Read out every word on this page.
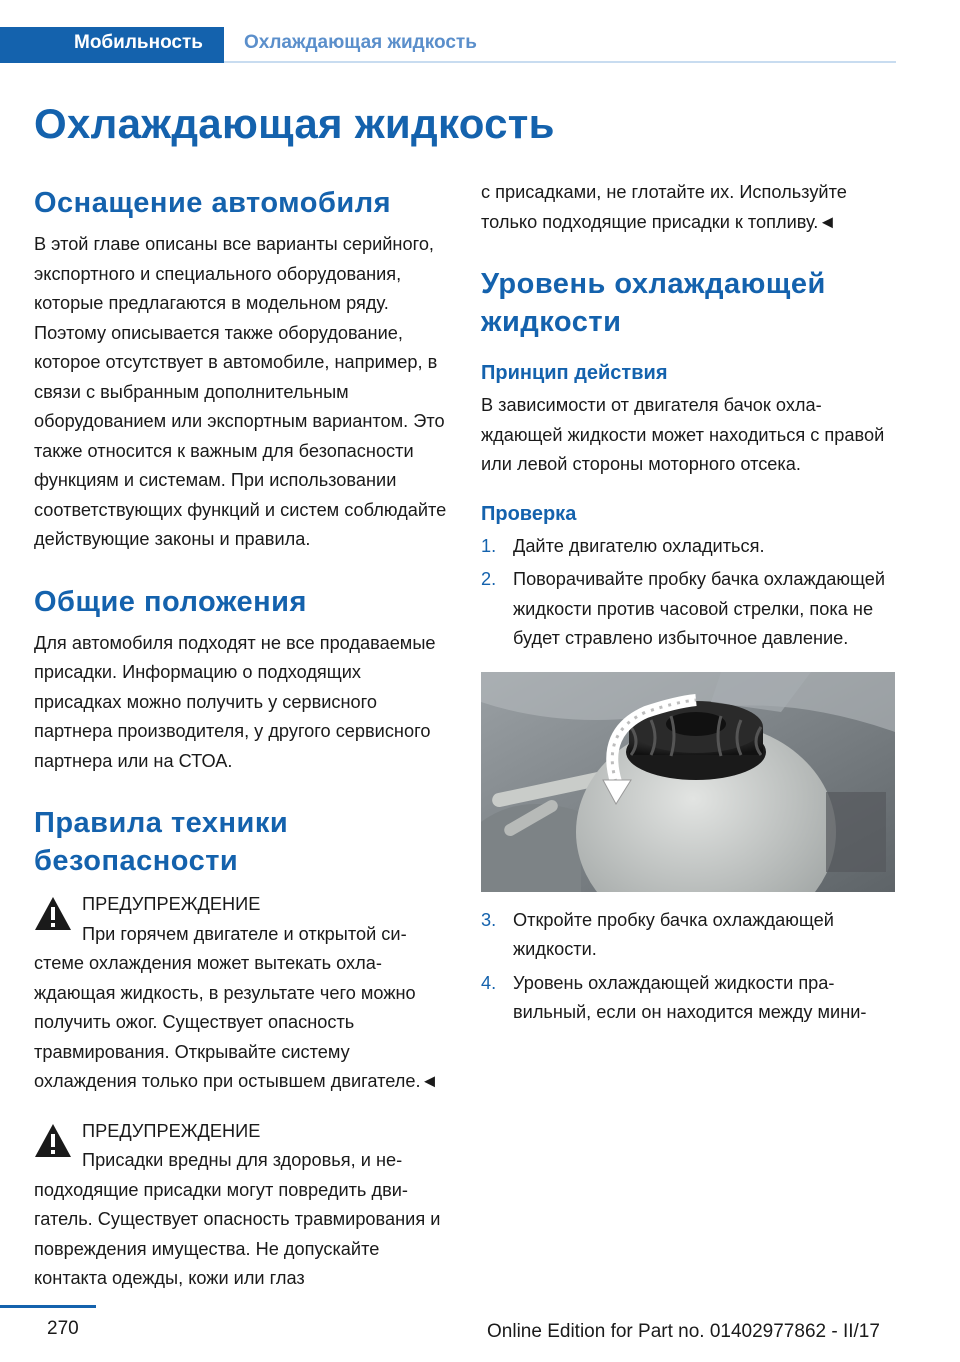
Мобильность Охлаждающая жидкость
Охлаждающая жидкость
Оснащение автомобиля

В этой главе описаны все варианты серийного, экспортного и специального оборудования, которые предлагаются в модельном ряду. Поэтому описывается также оборудование, которое отсутствует в автомобиле, например, в связи с выбранным дополнительным оборудованием или экспортным вариантом. Это также относится к важным для безопасности функциям и системам. При использовании соответствующих функций и систем соблюдайте действующие законы и правила.

Общие положения

Для автомобиля подходят не все продаваемые присадки. Информацию о подходящих присадках можно получить у сервисного партнера производителя, у другого сервисного партнера или на СТОА.

Правила техники безопасности
ПРЕДУПРЕЖДЕНИЕ
При горячем двигателе и открытой системе охлаждения может вытекать охлаждающая жидкость, в результате чего можно получить ожог. Существует опасность травмирования. Открывайте систему охлаждения только при остывшем двигателе.◄
ПРЕДУПРЕЖДЕНИЕ
Присадки вредны для здоровья, и неподходящие присадки могут повредить двигатель. Существует опасность травмирования и повреждения имущества. Не допускайте контакта одежды, кожи или глаз

с присадками, не глотайте их. Используйте только подходящие присадки к топливу.◄

Уровень охлаждающей жидкости
Принцип действия

В зависимости от двигателя бачок охлаждающей жидкости может находиться с правой или левой стороны моторного отсека.

Проверка
1. Дайте двигателю охладиться.
2. Поворачивайте пробку бачка охлаждающей жидкости против часовой стрелки, пока не будет стравлено избыточное давление.
3. Откройте пробку бачка охлаждающей жидкости.
4. Уровень охлаждающей жидкости правильный, если он находится между мини-
270	Online Edition for Part no. 01402977862 - II/17
